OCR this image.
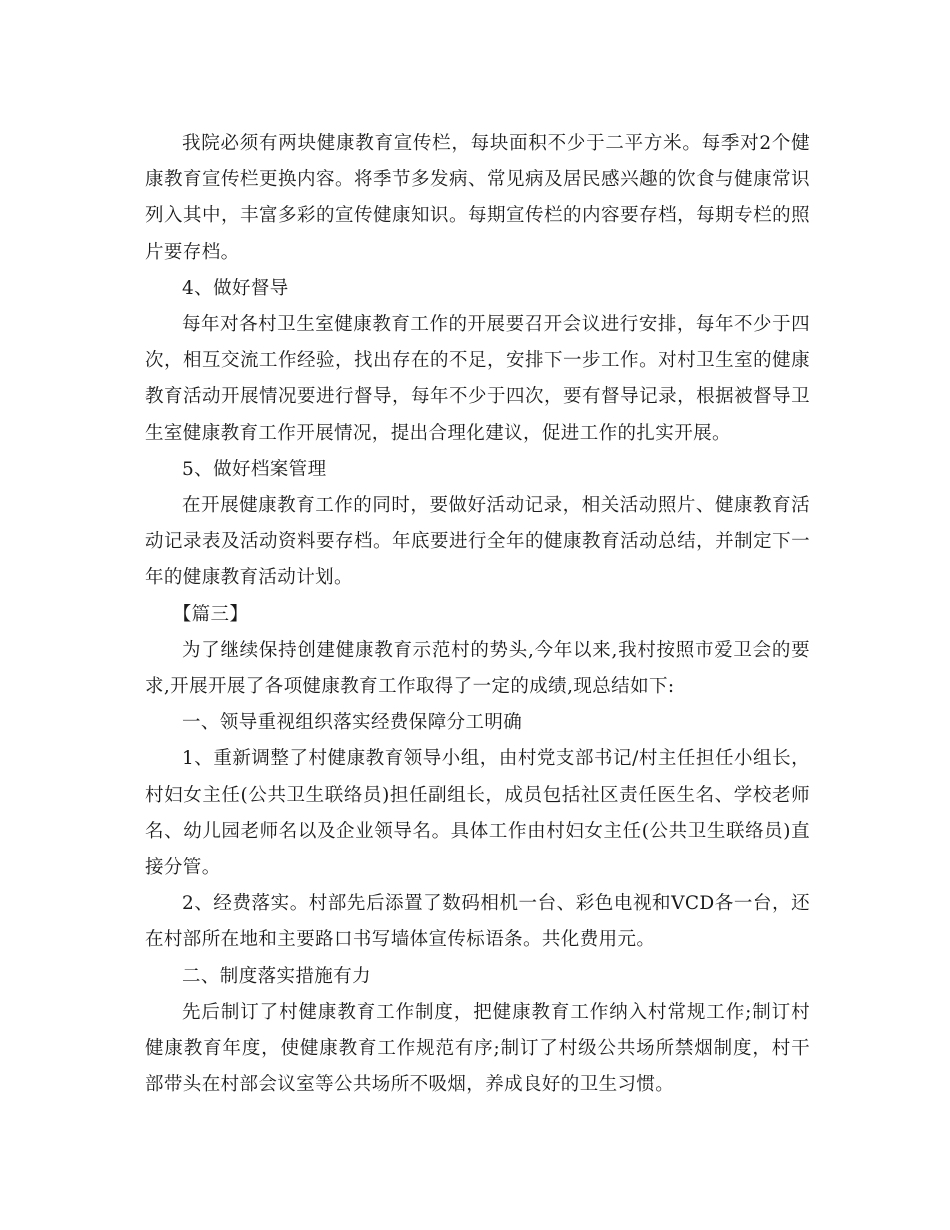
我院必须有两块健康教育宣传栏，每块面积不少于二平方米。每季对2个健康教育宣传栏更换内容。将季节多发病、常见病及居民感兴趣的饮食与健康常识列入其中，丰富多彩的宣传健康知识。每期宣传栏的内容要存档，每期专栏的照片要存档。

4、做好督导

每年对各村卫生室健康教育工作的开展要召开会议进行安排，每年不少于四次，相互交流工作经验，找出存在的不足，安排下一步工作。对村卫生室的健康教育活动开展情况要进行督导，每年不少于四次，要有督导记录，根据被督导卫生室健康教育工作开展情况，提出合理化建议，促进工作的扎实开展。

5、做好档案管理

在开展健康教育工作的同时，要做好活动记录，相关活动照片、健康教育活动记录表及活动资料要存档。年底要进行全年的健康教育活动总结，并制定下一年的健康教育活动计划。

【篇三】

为了继续保持创建健康教育示范村的势头,今年以来,我村按照市爱卫会的要求,开展开展了各项健康教育工作取得了一定的成绩,现总结如下:

一、领导重视组织落实经费保障分工明确

1、重新调整了村健康教育领导小组，由村党支部书记/村主任担任小组长，村妇女主任(公共卫生联络员)担任副组长，成员包括社区责任医生名、学校老师名、幼儿园老师名以及企业领导名。具体工作由村妇女主任(公共卫生联络员)直接分管。

2、经费落实。村部先后添置了数码相机一台、彩色电视和VCD各一台，还在村部所在地和主要路口书写墙体宣传标语条。共化费用元。

二、制度落实措施有力

先后制订了村健康教育工作制度，把健康教育工作纳入村常规工作;制订村健康教育年度，使健康教育工作规范有序;制订了村级公共场所禁烟制度，村干部带头在村部会议室等公共场所不吸烟，养成良好的卫生习惯。
